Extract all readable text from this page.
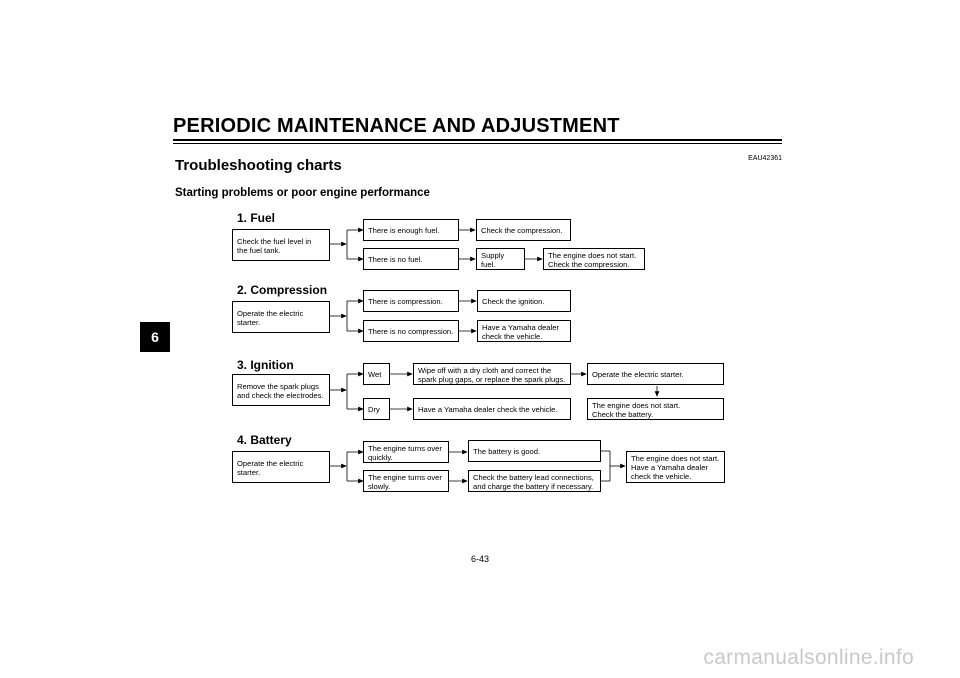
PERIODIC MAINTENANCE AND ADJUSTMENT
EAU42361
Troubleshooting charts
Starting problems or poor engine performance
6
1. Fuel
Check the fuel level in
the fuel tank.
There is enough fuel.	Check the compression.
There is no fuel.	Supply fuel.
The engine does not start.
Check the compression.
2. Compression
Operate the electric starter.
There is compression.	Check the ignition.
There is no compression.	Have a Yamaha dealer
check the vehicle.
3. Ignition
Remove the spark plugs
and check the electrodes.
Wet	Wipe off with a dry cloth and correct the
spark plug gaps, or replace the spark plugs.	Operate the electric starter.
Dry	Have a Yamaha dealer check the vehicle.	The engine does not start.
Check the battery.
4. Battery
Operate the electric starter.
The engine turns over
quickly.
The battery is good.
The engine turns over
slowly.
Check the battery lead connections,
and charge the battery if necessary.
The engine does not start.
Have a Yamaha dealer
check the vehicle.
6-43
carmanualsonline.info
